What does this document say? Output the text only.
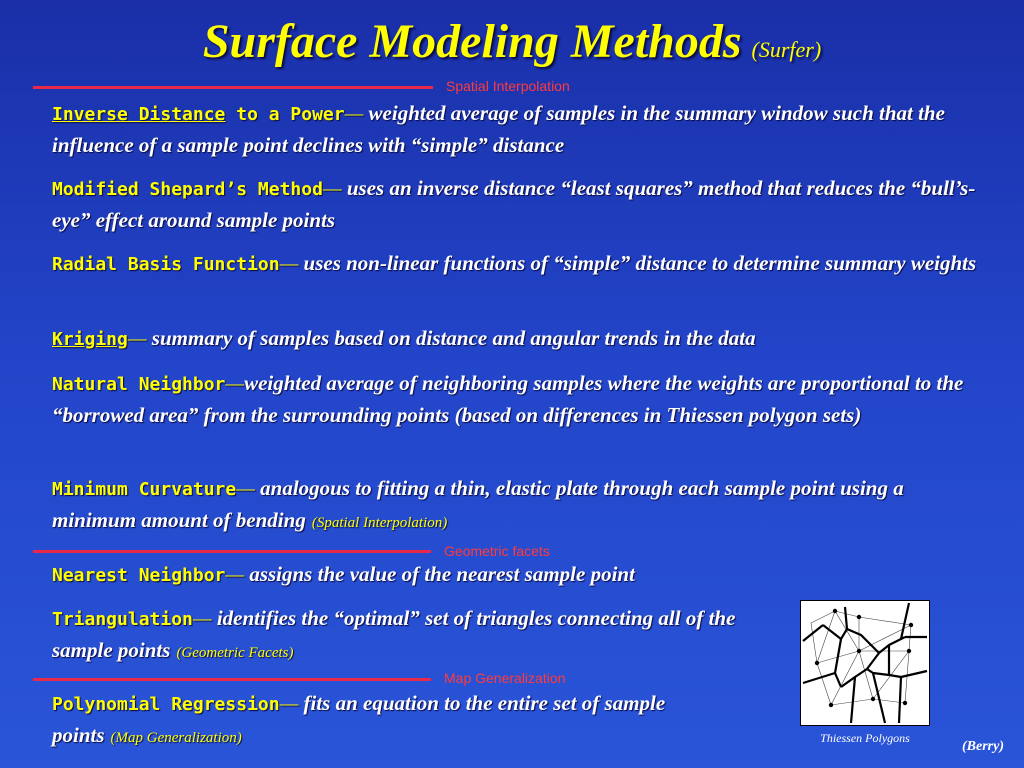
Surface Modeling Methods (Surfer)
Spatial Interpolation
Inverse Distance to a Power— weighted average of samples in the summary window such that the influence of a sample point declines with “simple” distance
Modified Shepard’s Method— uses an inverse distance “least squares” method that reduces the “bull’s-eye” effect around sample points
Radial Basis Function— uses non-linear functions of “simple” distance to determine summary weights
Kriging— summary of samples based on distance and angular trends in the data
Natural Neighbor—weighted average of neighboring samples where the weights are proportional to the “borrowed area” from the surrounding points (based on differences in Thiessen polygon sets)
Minimum Curvature— analogous to fitting a thin, elastic plate through each sample point using a minimum amount of bending (Spatial Interpolation)
Geometric facets
Nearest Neighbor— assigns the value of the nearest sample point
Triangulation— identifies the “optimal” set of triangles connecting all of the sample points (Geometric Facets)
Map Generalization
Polynomial Regression— fits an equation to the entire set of sample points (Map Generalization)	Thiessen Polygons
(Berry)
